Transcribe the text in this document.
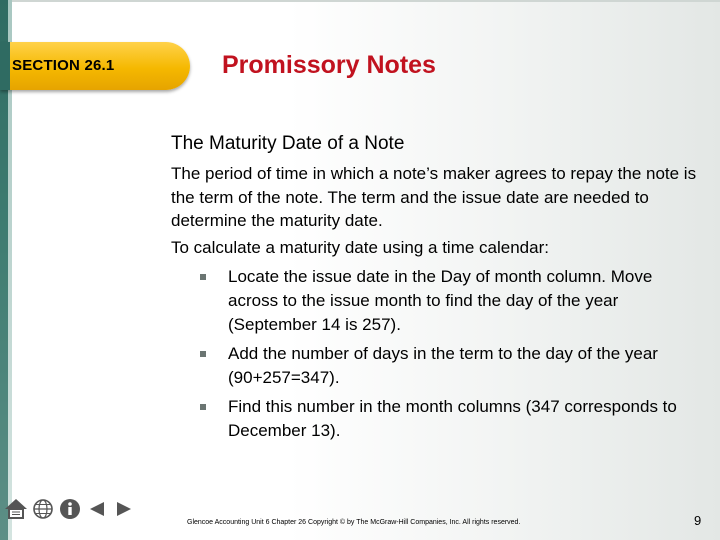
SECTION 26.1	Promissory Notes
The Maturity Date of a Note

The period of time in which a note’s maker agrees to repay the note is the term of the note. The term and the issue date are needed to determine the maturity date.

To calculate a maturity date using a time calendar:

Locate the issue date in the Day of month column. Move across to the issue month to find the day of the year (September 14 is 257).
Add the number of days in the term to the day of the year (90+257=347).
Find this number in the month columns (347 corresponds to December 13).
Glencoe Accounting Unit 6 Chapter 26 Copyright © by The McGraw-Hill Companies, Inc. All rights reserved.	9
